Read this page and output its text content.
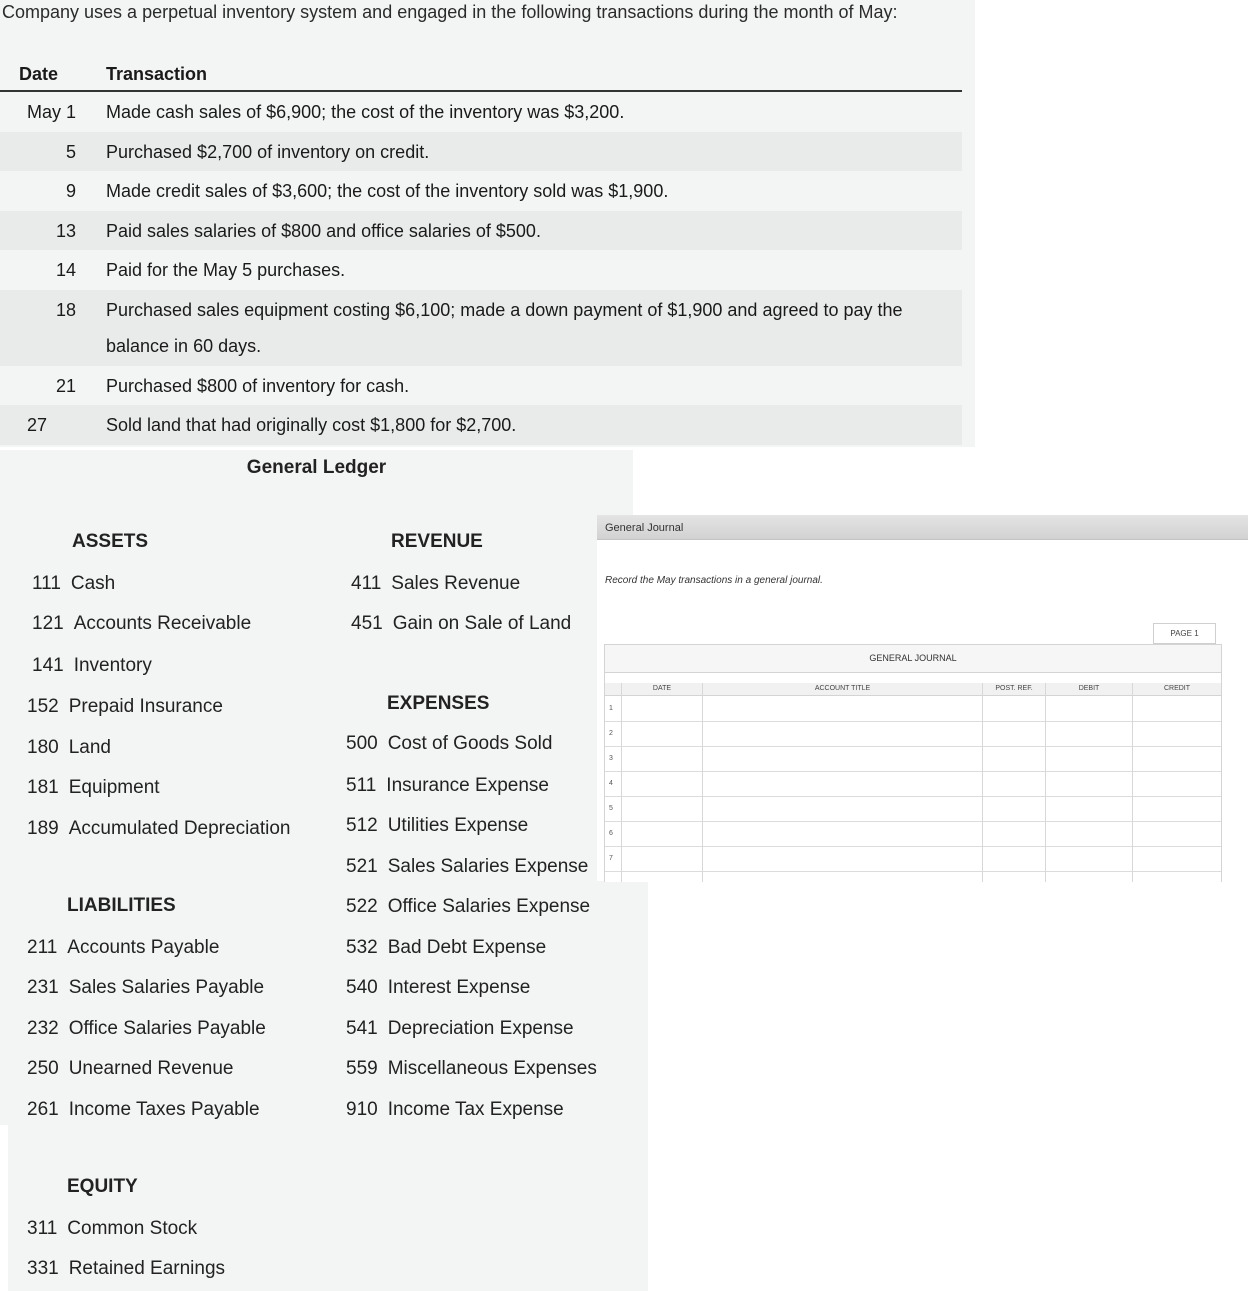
Company uses a perpetual inventory system and engaged in the following transactions during the month of May:
Date	Transaction
May 1 Made cash sales of $6,900; the cost of the inventory was $3,200.
5 Purchased $2,700 of inventory on credit.
9 Made credit sales of $3,600; the cost of the inventory sold was $1,900.
13 Paid sales salaries of $800 and office salaries of $500.
14 Paid for the May 5 purchases.
18 Purchased sales equipment costing $6,100; made a down payment of $1,900 and agreed to pay the balance in 60 days.
21 Purchased $800 of inventory for cash.
27	Sold land that had originally cost $1,800 for $2,700.
General Ledger
ASSETS
111 Cash
121 Accounts Receivable
141 Inventory
152 Prepaid Insurance
180 Land
181 Equipment
189 Accumulated Depreciation
LIABILITIES
211 Accounts Payable
231 Sales Salaries Payable
232 Office Salaries Payable
250 Unearned Revenue
261 Income Taxes Payable
EQUITY
311 Common Stock
331 Retained Earnings
REVENUE
411 Sales Revenue
451 Gain on Sale of Land
EXPENSES
500 Cost of Goods Sold
511 Insurance Expense
512 Utilities Expense
521 Sales Salaries Expense
522 Office Salaries Expense
532 Bad Debt Expense
540 Interest Expense
541 Depreciation Expense
559 Miscellaneous Expenses
910 Income Tax Expense
General Journal
Record the May transactions in a general journal.
PAGE 1
GENERAL JOURNAL
DATE	ACCOUNT TITLE	POST. REF.	DEBIT	CREDIT
1
2
3
4
5
6
7
